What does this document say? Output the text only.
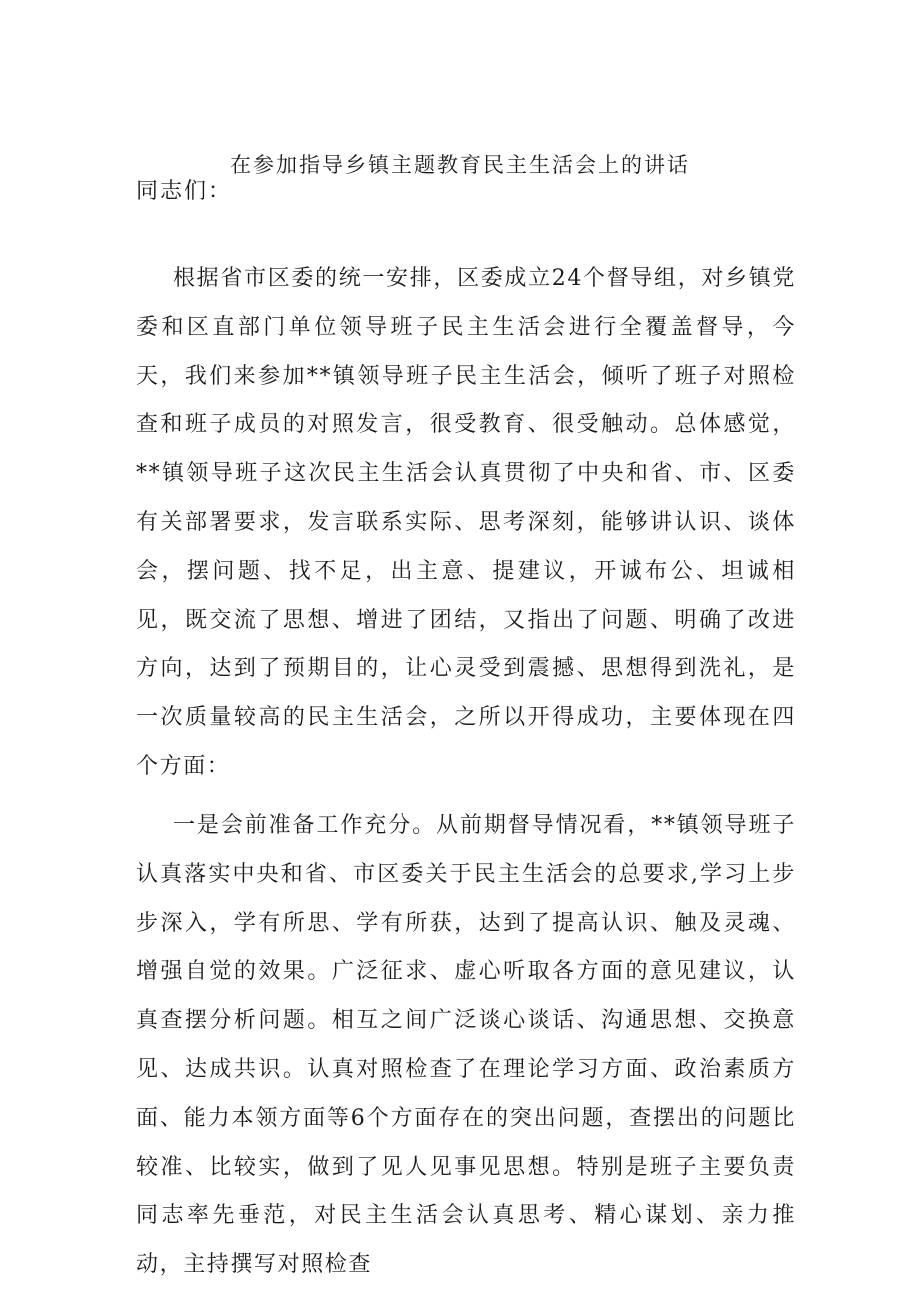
在参加指导乡镇主题教育民主生活会上的讲话
同志们：

根据省市区委的统一安排，区委成立24个督导组，对乡镇党委和区直部门单位领导班子民主生活会进行全覆盖督导，今天，我们来参加**镇领导班子民主生活会，倾听了班子对照检查和班子成员的对照发言，很受教育、很受触动。总体感觉，**镇领导班子这次民主生活会认真贯彻了中央和省、市、区委有关部署要求，发言联系实际、思考深刻，能够讲认识、谈体会，摆问题、找不足，出主意、提建议，开诚布公、坦诚相见，既交流了思想、增进了团结，又指出了问题、明确了改进方向，达到了预期目的，让心灵受到震撼、思想得到洗礼，是一次质量较高的民主生活会，之所以开得成功，主要体现在四个方面：

一是会前准备工作充分。从前期督导情况看，**镇领导班子认真落实中央和省、市区委关于民主生活会的总要求,学习上步步深入，学有所思、学有所获，达到了提高认识、触及灵魂、增强自觉的效果。广泛征求、虚心听取各方面的意见建议，认真查摆分析问题。相互之间广泛谈心谈话、沟通思想、交换意见、达成共识。认真对照检查了在理论学习方面、政治素质方面、能力本领方面等6个方面存在的突出问题，查摆出的问题比较准、比较实，做到了见人见事见思想。特别是班子主要负责同志率先垂范，对民主生活会认真思考、精心谋划、亲力推动，主持撰写对照检查
